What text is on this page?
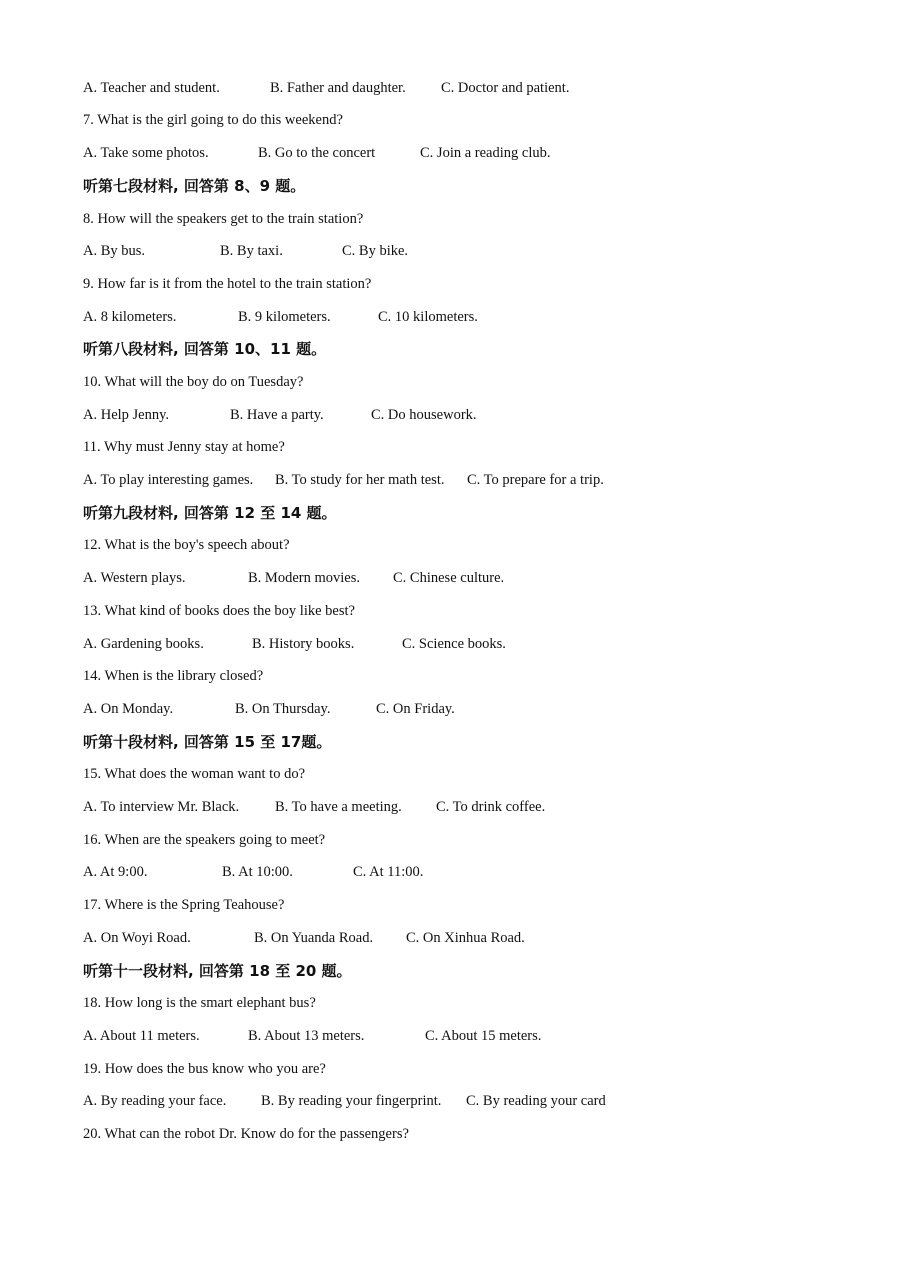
A. Teacher and student.	B. Father and daughter. C. Doctor and patient.
7. What is the girl going to do this weekend?
A. Take some photos.	B. Go to the concert	C. Join a reading club.
听第七段材料, 回答第 8、9 题。
8. How will the speakers get to the train station?
A. By bus.	B. By taxi.	C. By bike.
9. How far is it from the hotel to the train station?
A. 8 kilometers.	B. 9 kilometers.	C. 10 kilometers.
听第八段材料, 回答第 10、11 题。
10. What will the boy do on Tuesday?
A. Help Jenny.	B. Have a party.	C. Do housework.
11. Why must Jenny stay at home?
A. To play interesting games. B. To study for her math test. C. To prepare for a trip.
听第九段材料, 回答第 12 至 14 题。
12. What is the boy's speech about?
A. Western plays.	B. Modern movies. C. Chinese culture.
13. What kind of books does the boy like best?
A. Gardening books.	B. History books.	C. Science books.
14. When is the library closed?
A. On Monday.	B. On Thursday.	C. On Friday.
听第十段材料, 回答第 15 至 17题。
15. What does the woman want to do?
A. To interview Mr. Black. B. To have a meeting. C. To drink coffee.
16. When are the speakers going to meet?
A. At 9:00.	B. At 10:00.	C. At 11:00.
17. Where is the Spring Teahouse?
A. On Woyi Road.	B. On Yuanda Road. C. On Xinhua Road.
听第十一段材料, 回答第 18 至 20 题。
18. How long is the smart elephant bus?
A. About 11 meters.	B. About 13 meters.	C. About 15 meters.
19. How does the bus know who you are?
A. By reading your face. B. By reading your fingerprint. C. By reading your card
20. What can the robot Dr. Know do for the passengers?
